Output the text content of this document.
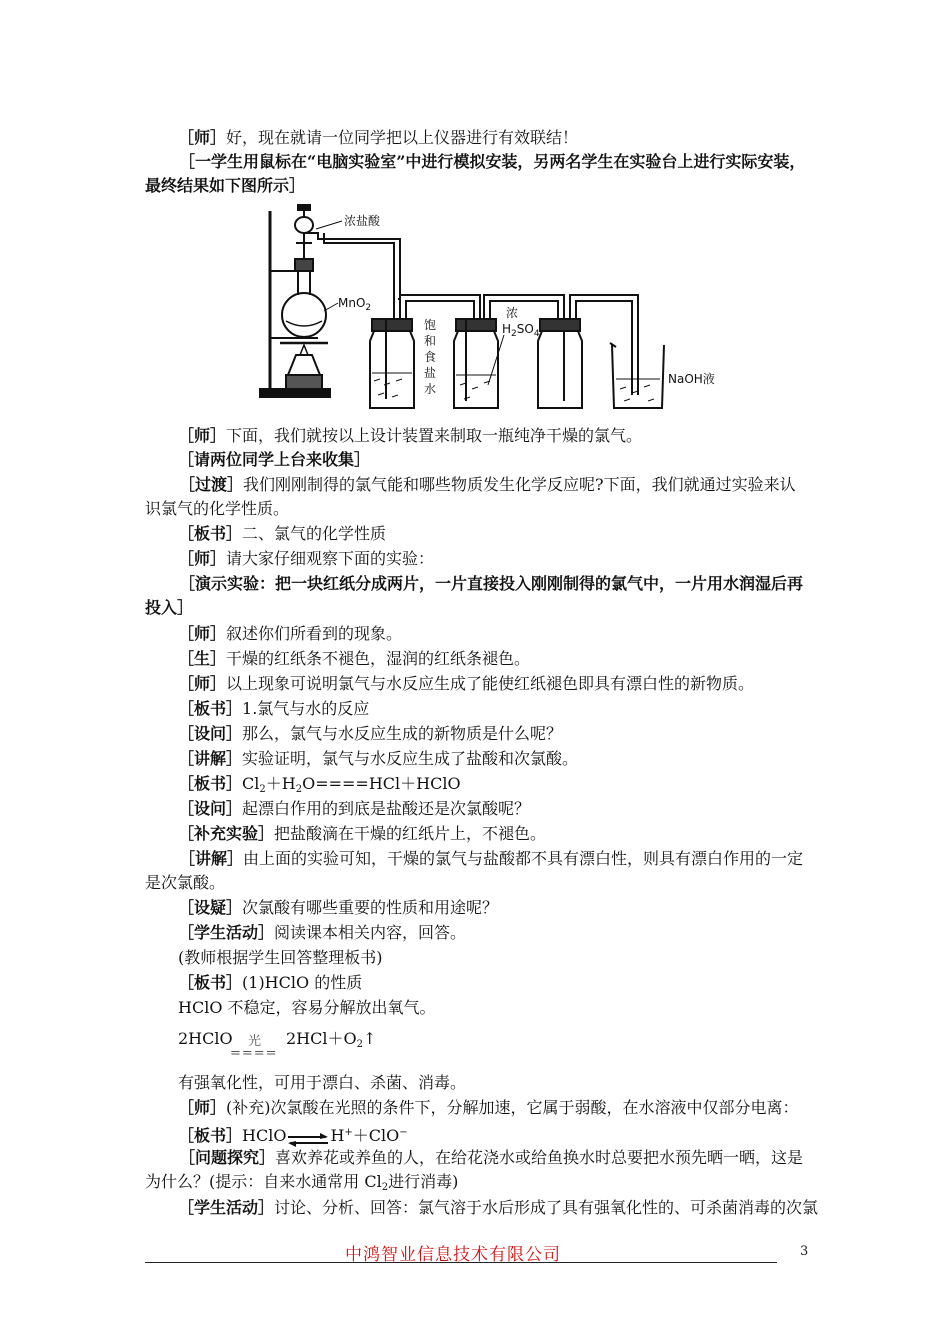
［师］好，现在就请一位同学把以上仪器进行有效联结！
［一学生用鼠标在“电脑实验室”中进行模拟安装，另两名学生在实验台上进行实际安装，最终结果如下图所示］
浓盐酸
MnO$_2$
饱
和
食
盐
水
浓
$H_2SO_4$
NaOH液
［师］下面，我们就按以上设计装置来制取一瓶纯净干燥的氯气。
［请两位同学上台来收集］
［过渡］我们刚刚制得的氯气能和哪些物质发生化学反应呢?下面，我们就通过实验来认识氯气的化学性质。
［板书］二、氯气的化学性质
［师］请大家仔细观察下面的实验：
［演示实验：把一块红纸分成两片，一片直接投入刚刚制得的氯气中，一片用水润湿后再投入］
［师］叙述你们所看到的现象。
［生］干燥的红纸条不褪色，湿润的红纸条褪色。
［师］以上现象可说明氯气与水反应生成了能使红纸褪色即具有漂白性的新物质。
［板书］1.氯气与水的反应
［设问］那么，氯气与水反应生成的新物质是什么呢？
［讲解］实验证明，氯气与水反应生成了盐酸和次氯酸。
［板书$]Cl_2+H_2O====HCl+HClO$
［设问］起漂白作用的到底是盐酸还是次氯酸呢？
［补充实验］把盐酸滴在干燥的红纸片上，不褪色。
［讲解］由上面的实验可知，干燥的氯气与盐酸都不具有漂白性，则具有漂白作用的一定是次氯酸。
［设疑］次氯酸有哪些重要的性质和用途呢？
［学生活动］阅读课本相关内容，回答。
(教师根据学生回答整理板书)
［板书］(1)HClO 的性质
HClO 不稳定，容易分解放出氧气。
2HClO 光
====
$2HCl+O_2↑$
有强氧化性，可用于漂白、杀菌、消毒。
［师］(补充)次氯酸在光照的条件下，分解加速，它属于弱酸，在水溶液中仅部分电离：
［板书］HClO⇌H+＋ClO−
［问题探究］喜欢养花或养鱼的人，在给花浇水或给鱼换水时总要把水预先晒一晒，这是为什么？(提示：自来水通常用 $Cl_2$进行消毒)
［学生活动］讨论、分析、回答：氯气溶于水后形成了具有强氧化性的、可杀菌消毒的次氯
中鸿智业信息技术有限公司	3
